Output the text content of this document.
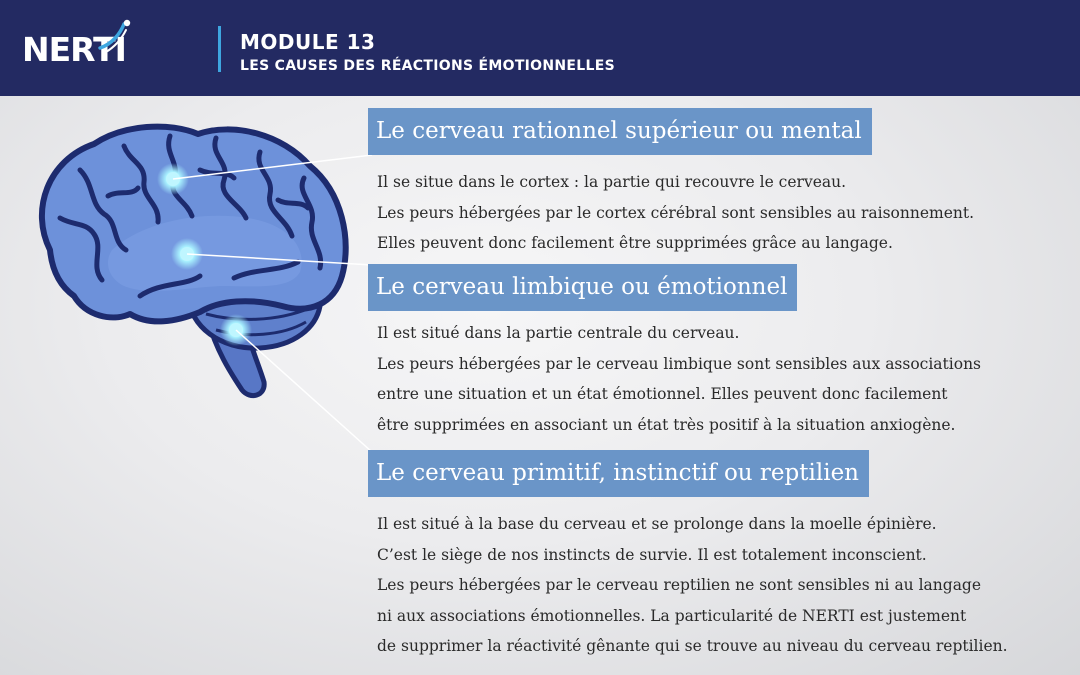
NERTI	MODULE 13
LES CAUSES DES RÉACTIONS ÉMOTIONNELLES
Le cerveau rationnel supérieur ou mental

Il se situe dans le cortex : la partie qui recouvre le cerveau.

Les peurs hébergées par le cortex cérébral sont sensibles au raisonnement.

Elles peuvent donc facilement être supprimées grâce au langage.

Le cerveau limbique ou émotionnel

Il est situé dans la partie centrale du cerveau.

Les peurs hébergées par le cerveau limbique sont sensibles aux associations

entre une situation et un état émotionnel. Elles peuvent donc facilement

être supprimées en associant un état très positif à la situation anxiogène.

Le cerveau primitif, instinctif ou reptilien

Il est situé à la base du cerveau et se prolonge dans la moelle épinière.

C’est le siège de nos instincts de survie. Il est totalement inconscient.

Les peurs hébergées par le cerveau reptilien ne sont sensibles ni au langage

ni aux associations émotionnelles. La particularité de NERTI est justement

de supprimer la réactivité gênante qui se trouve au niveau du cerveau reptilien.
